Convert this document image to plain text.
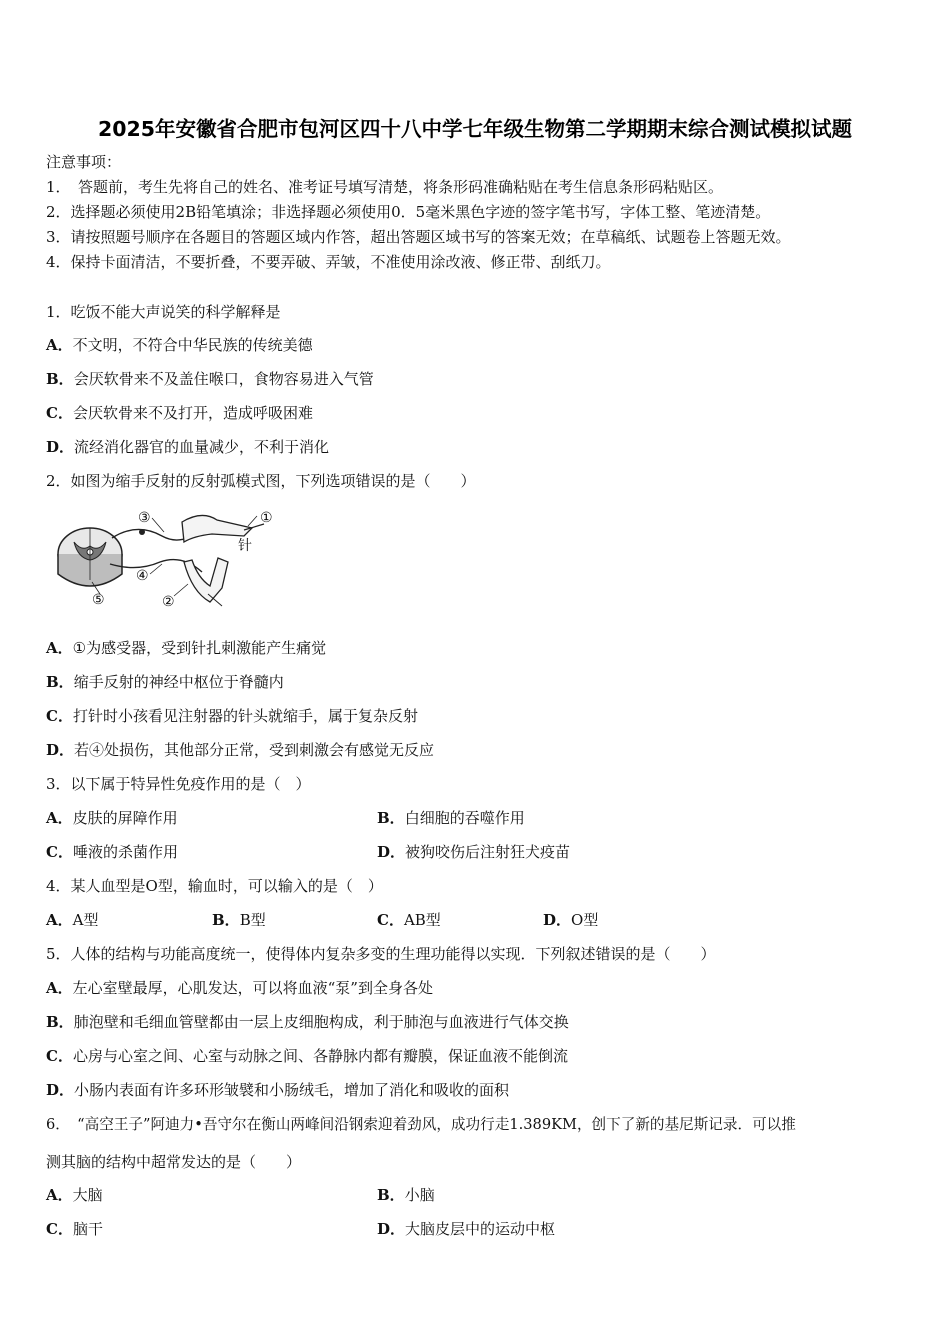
2025年安徽省合肥市包河区四十八中学七年级生物第二学期期末综合测试模拟试题
注意事项：
1．　答题前，考生先将自己的姓名、准考证号填写清楚，将条形码准确粘贴在考生信息条形码粘贴区。
2．选择题必须使用2B铅笔填涂；非选择题必须使用0．5毫米黑色字迹的签字笔书写，字体工整、笔迹清楚。
3．请按照题号顺序在各题目的答题区域内作答，超出答题区域书写的答案无效；在草稿纸、试题卷上答题无效。
4．保持卡面清洁，不要折叠，不要弄破、弄皱，不准使用涂改液、修正带、刮纸刀。
1．吃饭不能大声说笑的科学解释是
A．不文明，不符合中华民族的传统美德
B．会厌软骨来不及盖住喉口，食物容易进入气管
C．会厌软骨来不及打开，造成呼吸困难
D．流经消化器官的血量减少，不利于消化
2．如图为缩手反射的反射弧模式图，下列选项错误的是（　　）
③	①
针
④
⑤	②
A．①为感受器，受到针扎刺激能产生痛觉
B．缩手反射的神经中枢位于脊髓内
C．打针时小孩看见注射器的针头就缩手，属于复杂反射
D．若④处损伤，其他部分正常，受到刺激会有感觉无反应
3．以下属于特异性免疫作用的是（　）
A．皮肤的屏障作用	B．白细胞的吞噬作用
C．唾液的杀菌作用	D．被狗咬伤后注射狂犬疫苗
4．某人血型是O型，输血时，可以输入的是（　）
A．A型	B．B型	C．AB型	D．O型
5．人体的结构与功能高度统一，使得体内复杂多变的生理功能得以实现．下列叙述错误的是（　　）
A．左心室壁最厚，心肌发达，可以将血液“泵”到全身各处
B．肺泡壁和毛细血管壁都由一层上皮细胞构成，利于肺泡与血液进行气体交换
C．心房与心室之间、心室与动脉之间、各静脉内都有瓣膜，保证血液不能倒流
D．小肠内表面有许多环形皱襞和小肠绒毛，增加了消化和吸收的面积
6．　“高空王子”阿迪力•吾守尔在衡山两峰间沿钢索迎着劲风，成功行走1.389KM，创下了新的基尼斯记录．可以推
测其脑的结构中超常发达的是（　　）
A．大脑	B．小脑
C．脑干	D．大脑皮层中的运动中枢
